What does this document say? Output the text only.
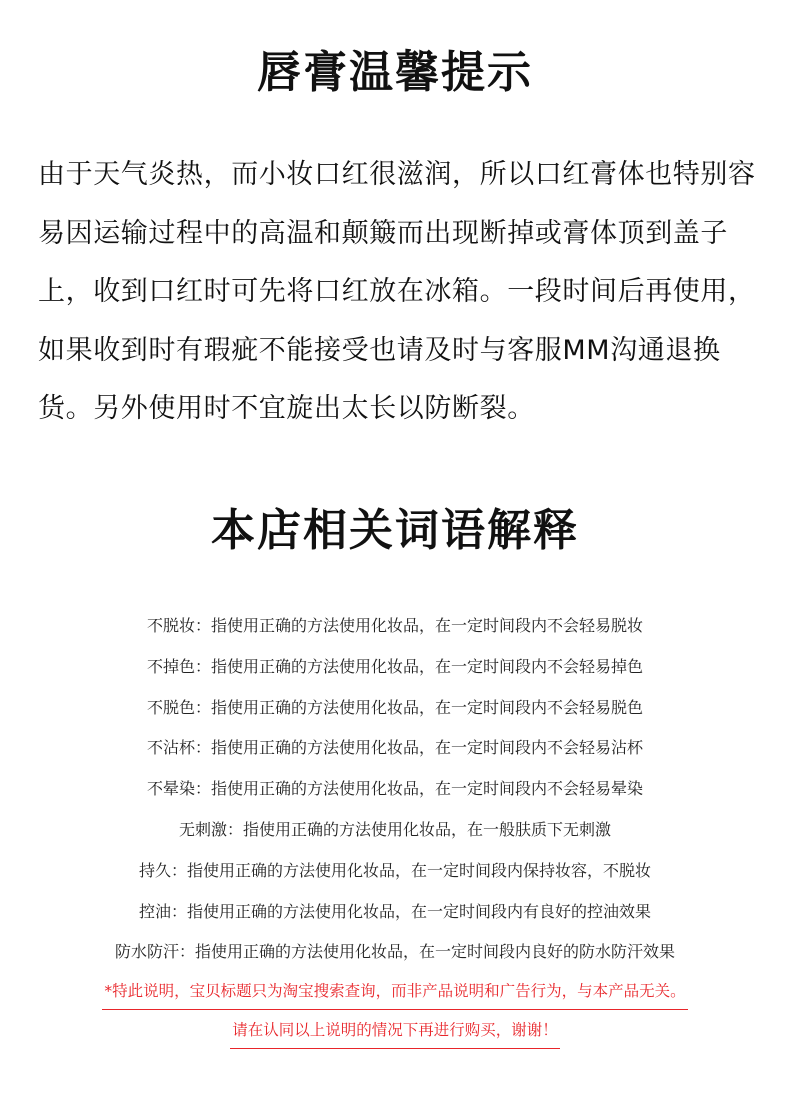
唇膏温馨提示

由于天气炎热，而小妆口红很滋润，所以口红膏体也特别容易因运输过程中的高温和颠簸而出现断掉或膏体顶到盖子上，收到口红时可先将口红放在冰箱。一段时间后再使用，如果收到时有瑕疵不能接受也请及时与客服MM沟通退换货。另外使用时不宜旋出太长以防断裂。

本店相关词语解释
不脱妆：指使用正确的方法使用化妆品，在一定时间段内不会轻易脱妆
不掉色：指使用正确的方法使用化妆品，在一定时间段内不会轻易掉色
不脱色：指使用正确的方法使用化妆品，在一定时间段内不会轻易脱色
不沾杯：指使用正确的方法使用化妆品，在一定时间段内不会轻易沾杯
不晕染：指使用正确的方法使用化妆品，在一定时间段内不会轻易晕染
无刺激：指使用正确的方法使用化妆品，在一般肤质下无刺激
持久：指使用正确的方法使用化妆品，在一定时间段内保持妆容，不脱妆
控油：指使用正确的方法使用化妆品，在一定时间段内有良好的控油效果
防水防汗：指使用正确的方法使用化妆品，在一定时间段内良好的防水防汗效果
*特此说明，宝贝标题只为淘宝搜索查询，而非产品说明和广告行为，与本产品无关。
请在认同以上说明的情况下再进行购买，谢谢！
